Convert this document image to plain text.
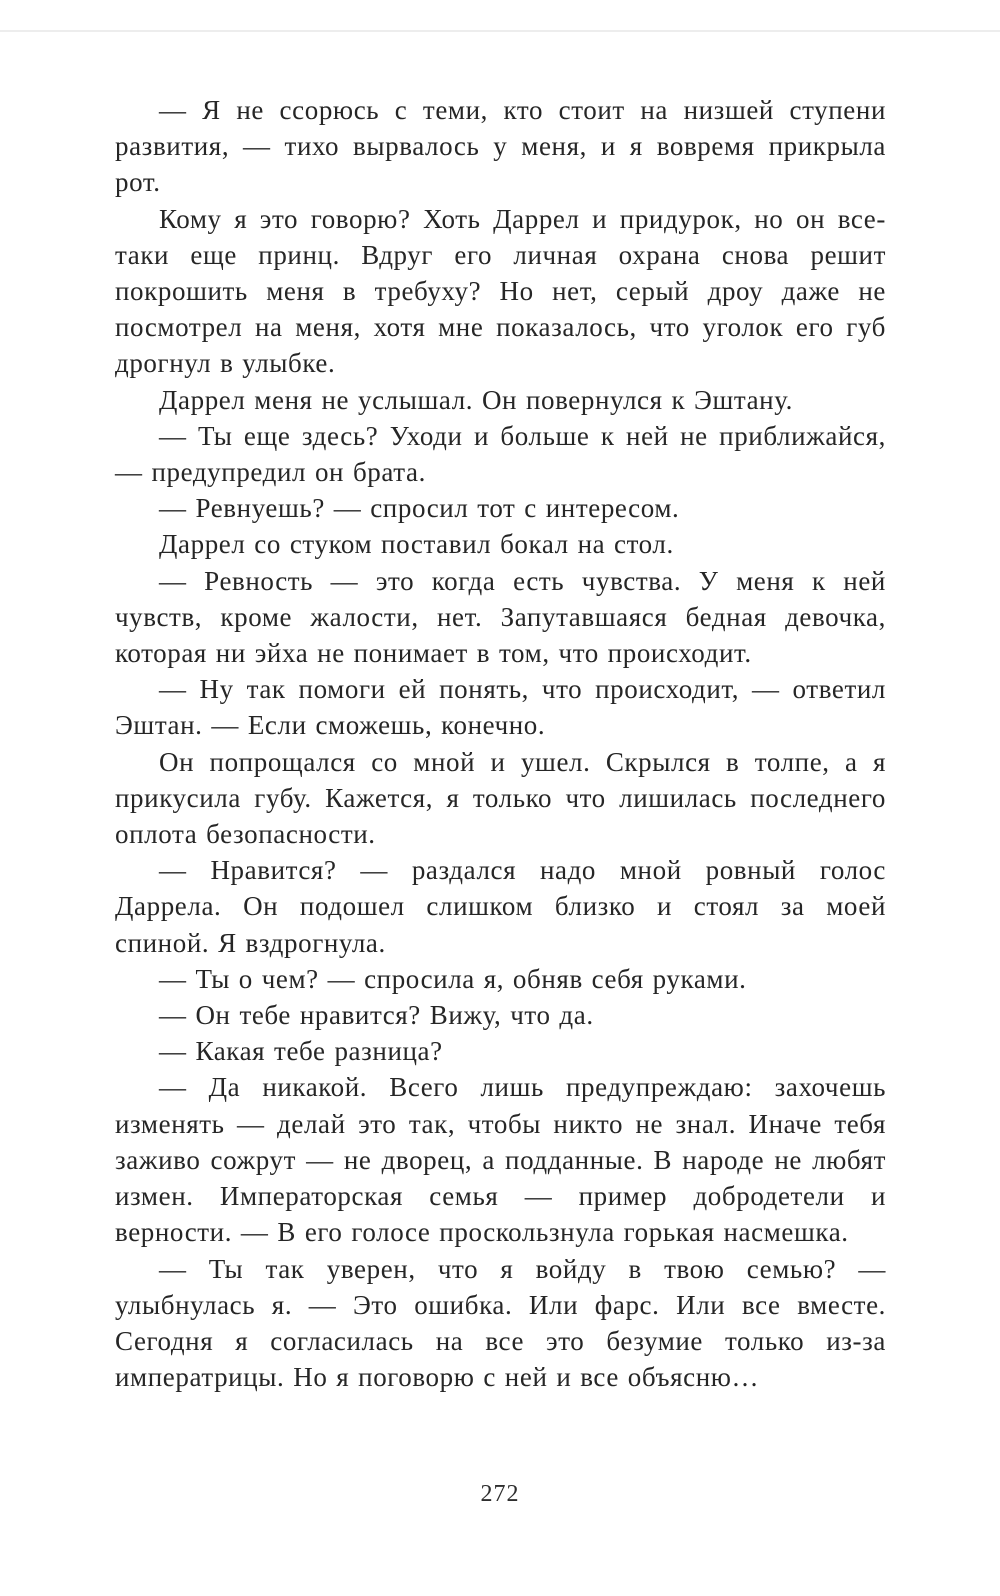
— Я не ссорюсь с теми, кто стоит на низшей ступени развития, — тихо вырвалось у меня, и я вовремя прикрыла рот.

Кому я это говорю? Хоть Даррел и придурок, но он все-таки еще принц. Вдруг его личная охрана снова решит покрошить меня в требуху? Но нет, серый дроу даже не посмотрел на меня, хотя мне показалось, что уголок его губ дрогнул в улыбке.

Даррел меня не услышал. Он повернулся к Эштану.

— Ты еще здесь? Уходи и больше к ней не приближайся, — предупредил он брата.

— Ревнуешь? — спросил тот с интересом.

Даррел со стуком поставил бокал на стол.

— Ревность — это когда есть чувства. У меня к ней чувств, кроме жалости, нет. Запутавшаяся бедная девочка, которая ни эйха не понимает в том, что происходит.

— Ну так помоги ей понять, что происходит, — ответил Эштан. — Если сможешь, конечно.

Он попрощался со мной и ушел. Скрылся в толпе, а я прикусила губу. Кажется, я только что лишилась последнего оплота безопасности.

— Нравится? — раздался надо мной ровный голос Даррела. Он подошел слишком близко и стоял за моей спиной. Я вздрогнула.

— Ты о чем? — спросила я, обняв себя руками.

— Он тебе нравится? Вижу, что да.

— Какая тебе разница?

— Да никакой. Всего лишь предупреждаю: захочешь изменять — делай это так, чтобы никто не знал. Иначе тебя заживо сожрут — не дворец, а подданные. В народе не любят измен. Императорская семья — пример добродетели и верности. — В его голосе проскользнула горькая насмешка.

— Ты так уверен, что я войду в твою семью? — улыбнулась я. — Это ошибка. Или фарс. Или все вместе. Сегодня я согласилась на все это безумие только из-за императрицы. Но я поговорю с ней и все объясню…

272
